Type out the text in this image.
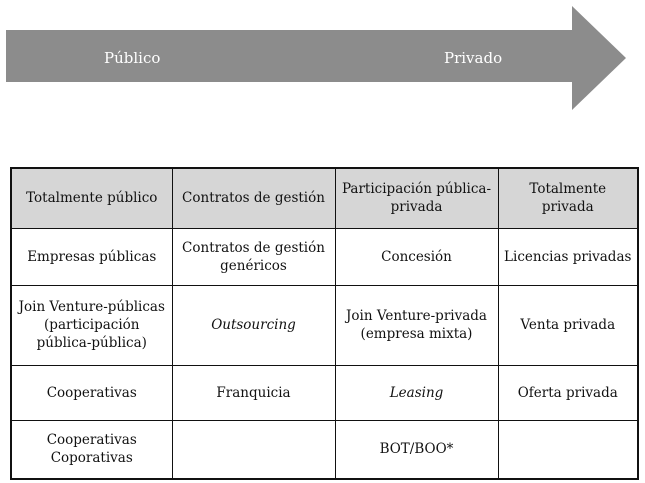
Público	Privado
Totalmente público	Contratos de gestión	Participación pública-privada	Totalmente privada
Empresas públicas	Contratos de gestión genéricos	Concesión	Licencias privadas
Join Venture-públicas (participación pública-pública)	Outsourcing	Join Venture-privada (empresa mixta)	Venta privada
Cooperativas	Franquicia	Leasing	Oferta privada
Cooperativas Coporativas		BOT/BOO*	
